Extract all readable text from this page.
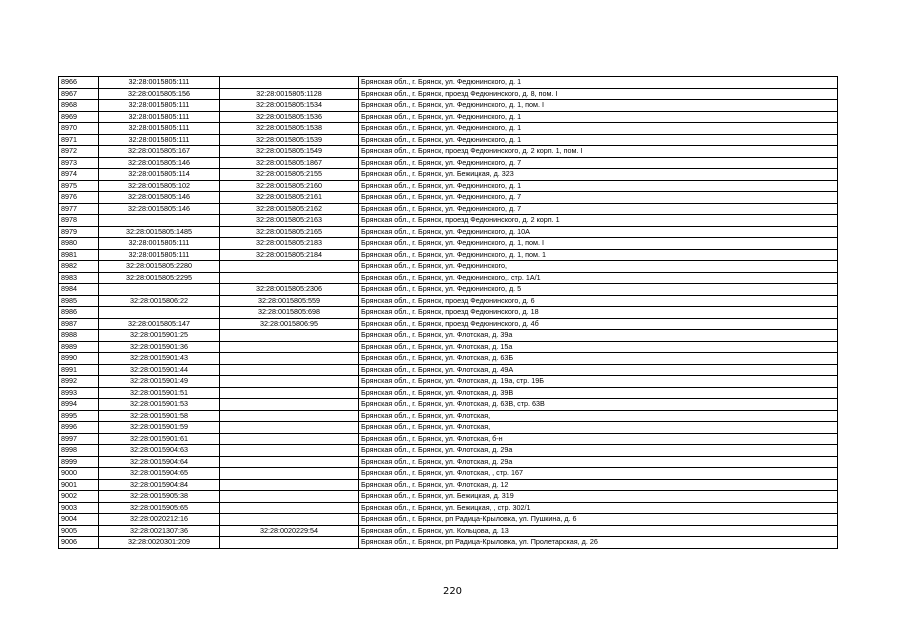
8966	32:28:0015805:111		Брянская обл., г. Брянск, ул. Федюнинского, д. 1
8967	32:28:0015805:156	32:28:0015805:1128	Брянская обл., г. Брянск, проезд Федюнинского, д. 8, пом. I
8968	32:28:0015805:111	32:28:0015805:1534	Брянская обл., г. Брянск, ул. Федюнинского, д. 1, пом. I
8969	32:28:0015805:111	32:28:0015805:1536	Брянская обл., г. Брянск, ул. Федюнинского, д. 1
8970	32:28:0015805:111	32:28:0015805:1538	Брянская обл., г. Брянск, ул. Федюнинского, д. 1
8971	32:28:0015805:111	32:28:0015805:1539	Брянская обл., г. Брянск, ул. Федюнинского, д. 1
8972	32:28:0015805:167	32:28:0015805:1549	Брянская обл., г. Брянск, проезд Федюнинского, д. 2 корп. 1, пом. I
8973	32:28:0015805:146	32:28:0015805:1867	Брянская обл., г. Брянск, ул. Федюнинского, д. 7
8974	32:28:0015805:114	32:28:0015805:2155	Брянская обл., г. Брянск, ул. Бежицкая, д. 323
8975	32:28:0015805:102	32:28:0015805:2160	Брянская обл., г. Брянск, ул. Федюнинского, д. 1
8976	32:28:0015805:146	32:28:0015805:2161	Брянская обл., г. Брянск, ул. Федюнинского, д. 7
8977	32:28:0015805:146	32:28:0015805:2162	Брянская обл., г. Брянск, ул. Федюнинского, д. 7
8978		32:28:0015805:2163	Брянская обл., г. Брянск, проезд Федюнинского, д. 2 корп. 1
8979	32:28:0015805:1485	32:28:0015805:2165	Брянская обл., г. Брянск, ул. Федюнинского, д. 10А
8980	32:28:0015805:111	32:28:0015805:2183	Брянская обл., г. Брянск, ул. Федюнинского, д. 1, пом. I
8981	32:28:0015805:111	32:28:0015805:2184	Брянская обл., г. Брянск, ул. Федюнинского, д. 1, пом. 1
8982	32:28:0015805:2280		Брянская обл., г. Брянск, ул. Федюнинского,
8983	32:28:0015805:2295		Брянская обл., г. Брянск, ул. Федюнинского,. стр. 1А/1
8984		32:28:0015805:2306	Брянская обл., г. Брянск, ул. Федюнинского, д. 5
8985	32:28:0015806:22	32:28:0015805:559	Брянская обл., г. Брянск, проезд Федюнинского, д. 6
8986		32:28:0015805:698	Брянская обл., г. Брянск, проезд Федюнинского, д. 18
8987	32:28:0015805:147	32:28:0015806:95	Брянская обл., г. Брянск, проезд Федюнинского, д. 4б
8988	32:28:0015901:25		Брянская обл., г. Брянск, ул. Флотская, д. 39а
8989	32:28:0015901:36		Брянская обл., г. Брянск, ул. Флотская, д. 15а
8990	32:28:0015901:43		Брянская обл., г. Брянск, ул. Флотская, д. 63Б
8991	32:28:0015901:44		Брянская обл., г. Брянск, ул. Флотская, д. 49А
8992	32:28:0015901:49		Брянская обл., г. Брянск, ул. Флотская, д. 19а, стр. 19Б
8993	32:28:0015901:51		Брянская обл., г. Брянск, ул. Флотская, д. 39В
8994	32:28:0015901:53		Брянская обл., г. Брянск, ул. Флотская, д. 63В, стр. 63В
8995	32:28:0015901:58		Брянская обл., г. Брянск, ул. Флотская,
8996	32:28:0015901:59		Брянская обл., г. Брянск, ул. Флотская,
8997	32:28:0015901:61		Брянская обл., г. Брянск, ул. Флотская, б-н
8998	32:28:0015904:63		Брянская обл., г. Брянск, ул. Флотская, д. 29а
8999	32:28:0015904:64		Брянская обл., г. Брянск, ул. Флотская, д. 29а
9000	32:28:0015904:65		Брянская обл., г. Брянск, ул. Флотская, , стр. 167
9001	32:28:0015904:84		Брянская обл., г. Брянск, ул. Флотская, д. 12
9002	32:28:0015905:38		Брянская обл., г. Брянск, ул. Бежицкая, д. 319
9003	32:28:0015905:65		Брянская обл., г. Брянск, ул. Бежицкая, , стр. 302/1
9004	32:28:0020212:16		Брянская обл., г. Брянск, рп Радица-Крыловка, ул. Пушкина, д. 6
9005	32:28:0021307:36	32:28:0020229:54	Брянская обл., г. Брянск, ул. Кольцова, д. 13
9006	32:28:0020301:209		Брянская обл., г. Брянск, рп Радица-Крыловка, ул. Пролетарская, д. 26
220
